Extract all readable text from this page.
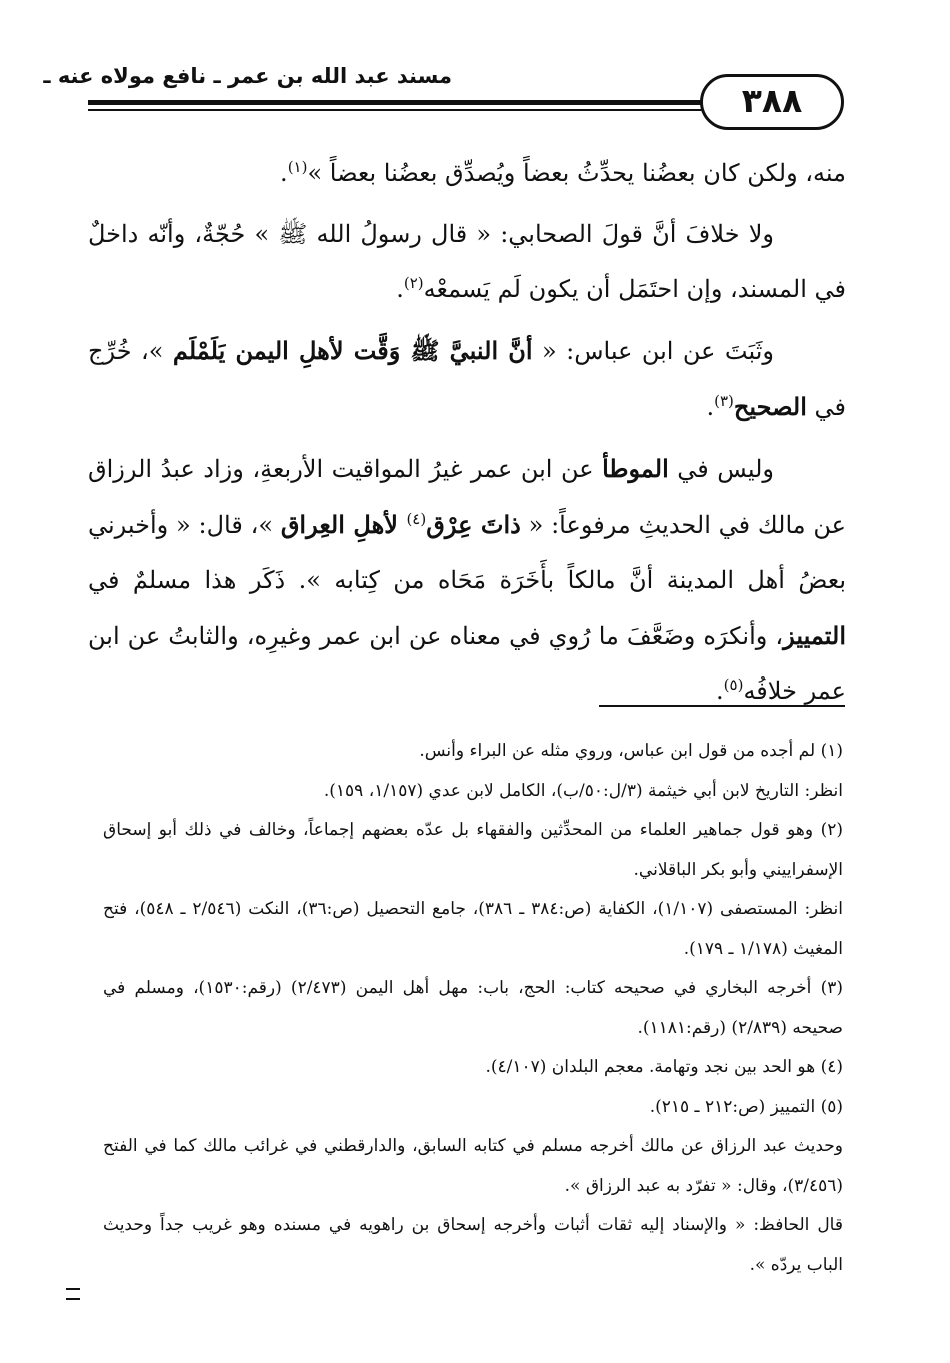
مسند عبد الله بن عمر ـ نافع مولاه عنه ـ
٣٨٨

منه، ولكن كان بعضُنا يحدِّثُ بعضاً ويُصدِّق بعضُنا بعضاً »$^{(١)}$.

ولا خلافَ أنَّ قولَ الصحابي: « قال رسولُ الله ﷺ » حُجّةٌ، وأنّه داخلٌ في المسند، وإن احتَمَل أن يكون لَم يَسمعْه$^{(٢)}$.

وثَبَتَ عن ابن عباس: « أنَّ النبيَّ ﷺ وَقَّت لأهلِ اليمن يَلَمْلَم »، خُرِّج في الصحيح$^{(٣)}$.

وليس في الموطأ عن ابن عمر غيرُ المواقيت الأربعةِ، وزاد عبدُ الرزاق عن مالك في الحديثِ مرفوعاً: « ذاتَ عِرْق$^{(٤)}$ لأهلِ العِراق »، قال: « وأخبرني بعضُ أهل المدينة أنَّ مالكاً بأَخَرَة مَحَاه من كِتابه ». ذَكَر هذا مسلمٌ في التمييز، وأنكرَه وضَعَّفَ ما رُوي في معناه عن ابن عمر وغيرِه، والثابتُ عن ابن عمر خلافُه$^{(٥)}$.

(١) لم أجده من قول ابن عباس، وروي مثله عن البراء وأنس.

انظر: التاريخ لابن أبي خيثمة (٣/ل:٥٠/ب)، الكامل لابن عدي (١/١٥٧، ١٥٩).

(٢) وهو قول جماهير العلماء من المحدِّثين والفقهاء بل عدّه بعضهم إجماعاً، وخالف في ذلك أبو إسحاق الإسفراييني وأبو بكر الباقلاني.

انظر: المستصفى (١/١٠٧)، الكفاية (ص:٣٨٤ ـ ٣٨٦)، جامع التحصيل (ص:٣٦)، النكت (٢/٥٤٦ ـ ٥٤٨)، فتح المغيث (١/١٧٨ ـ ١٧٩).

(٣) أخرجه البخاري في صحيحه كتاب: الحج، باب: مهل أهل اليمن (٢/٤٧٣) (رقم:١٥٣٠)، ومسلم في صحيحه (٢/٨٣٩) (رقم:١١٨١).

(٤) هو الحد بين نجد وتهامة. معجم البلدان (٤/١٠٧).

(٥) التمييز (ص:٢١٢ ـ ٢١٥).

وحديث عبد الرزاق عن مالك أخرجه مسلم في كتابه السابق، والدارقطني في غرائب مالك كما في الفتح (٣/٤٥٦)، وقال: « تفرّد به عبد الرزاق ».

قال الحافظ: « والإسناد إليه ثقات أثبات وأخرجه إسحاق بن راهويه في مسنده وهو غريب جداً وحديث الباب يردّه ».
